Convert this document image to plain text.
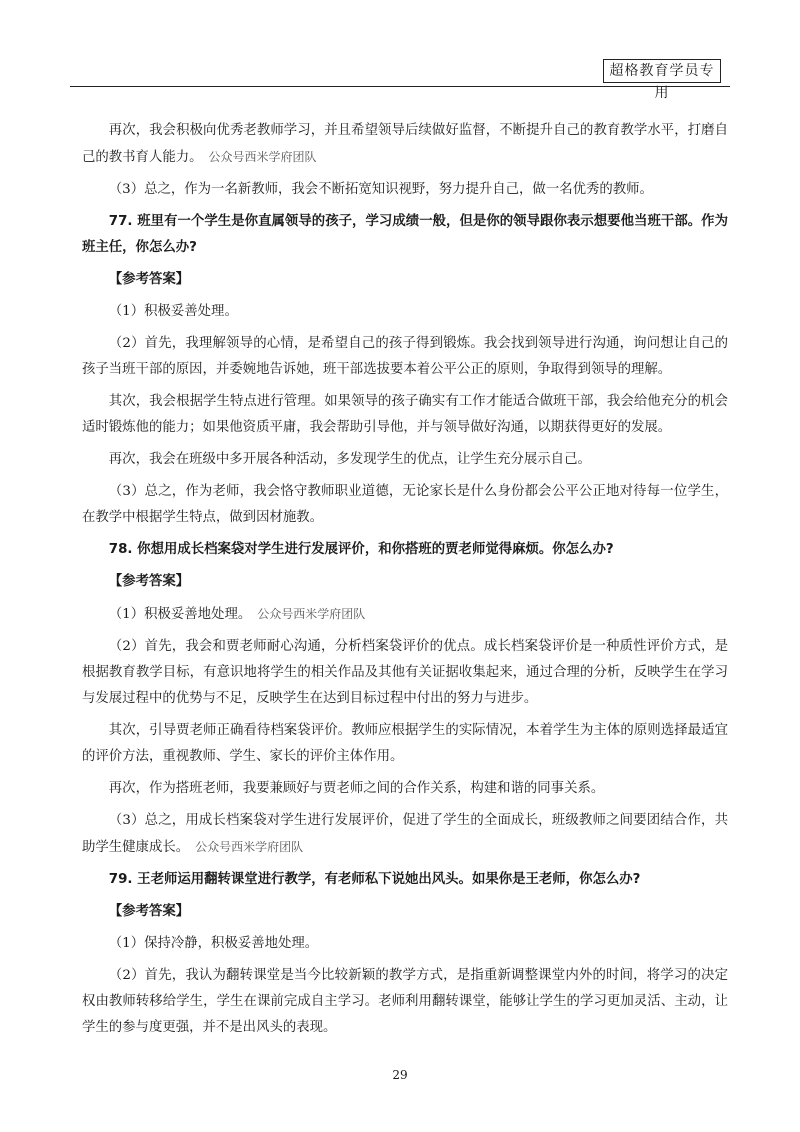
超格教育学员专用

再次，我会积极向优秀老教师学习，并且希望领导后续做好监督，不断提升自己的教育教学水平，打磨自己的教书育人能力。 公众号西米学府团队

（3）总之，作为一名新教师，我会不断拓宽知识视野，努力提升自己，做一名优秀的教师。

77. 班里有一个学生是你直属领导的孩子，学习成绩一般，但是你的领导跟你表示想要他当班干部。作为班主任，你怎么办?

【参考答案】

（1）积极妥善处理。

（2）首先，我理解领导的心情，是希望自己的孩子得到锻炼。我会找到领导进行沟通，询问想让自己的孩子当班干部的原因，并委婉地告诉她，班干部选拔要本着公平公正的原则，争取得到领导的理解。

其次，我会根据学生特点进行管理。如果领导的孩子确实有工作才能适合做班干部，我会给他充分的机会适时锻炼他的能力；如果他资质平庸，我会帮助引导他，并与领导做好沟通，以期获得更好的发展。

再次，我会在班级中多开展各种活动，多发现学生的优点，让学生充分展示自己。

（3）总之，作为老师，我会恪守教师职业道德，无论家长是什么身份都会公平公正地对待每一位学生，在教学中根据学生特点，做到因材施教。

78. 你想用成长档案袋对学生进行发展评价，和你搭班的贾老师觉得麻烦。你怎么办?

【参考答案】

（1）积极妥善地处理。 公众号西米学府团队

（2）首先，我会和贾老师耐心沟通，分析档案袋评价的优点。成长档案袋评价是一种质性评价方式，是根据教育教学目标，有意识地将学生的相关作品及其他有关证据收集起来，通过合理的分析，反映学生在学习与发展过程中的优势与不足，反映学生在达到目标过程中付出的努力与进步。

其次，引导贾老师正确看待档案袋评价。教师应根据学生的实际情况，本着学生为主体的原则选择最适宜的评价方法，重视教师、学生、家长的评价主体作用。

再次，作为搭班老师，我要兼顾好与贾老师之间的合作关系，构建和谐的同事关系。

（3）总之，用成长档案袋对学生进行发展评价，促进了学生的全面成长，班级教师之间要团结合作，共助学生健康成长。 公众号西米学府团队

79. 王老师运用翻转课堂进行教学，有老师私下说她出风头。如果你是王老师，你怎么办?

【参考答案】

（1）保持冷静，积极妥善地处理。

（2）首先，我认为翻转课堂是当今比较新颖的教学方式，是指重新调整课堂内外的时间，将学习的决定权由教师转移给学生，学生在课前完成自主学习。老师利用翻转课堂，能够让学生的学习更加灵活、主动，让学生的参与度更强，并不是出风头的表现。

29
